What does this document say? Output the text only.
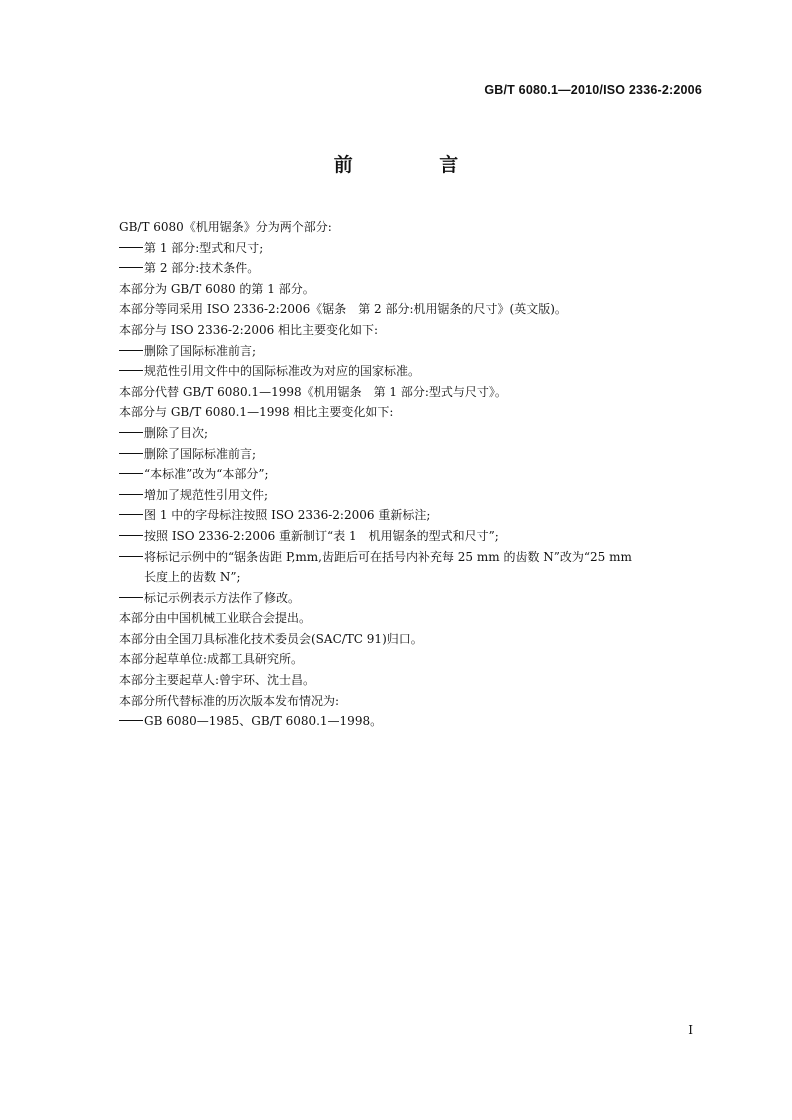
GB/T 6080.1—2010/ISO 2336-2:2006
前 言
GB/T 6080《机用锯条》分为两个部分:
第 1 部分:型式和尺寸;
第 2 部分:技术条件。
本部分为 GB/T 6080 的第 1 部分。
本部分等同采用 ISO 2336-2:2006《锯条　第 2 部分:机用锯条的尺寸》(英文版)。
本部分与 ISO 2336-2:2006 相比主要变化如下:
删除了国际标准前言;
规范性引用文件中的国际标准改为对应的国家标准。
本部分代替 GB/T 6080.1—1998《机用锯条　第 1 部分:型式与尺寸》。
本部分与 GB/T 6080.1—1998 相比主要变化如下:
删除了目次;
删除了国际标准前言;
“本标准”改为“本部分”;
增加了规范性引用文件;
图 1 中的字母标注按照 ISO 2336-2:2006 重新标注;
按照 ISO 2336-2:2006 重新制订“表 1　机用锯条的型式和尺寸”;
将标记示例中的“锯条齿距 P,mm,齿距后可在括号内补充每 25 mm 的齿数 N”改为“25 mm
长度上的齿数 N”;
标记示例表示方法作了修改。
本部分由中国机械工业联合会提出。
本部分由全国刀具标准化技术委员会(SAC/TC 91)归口。
本部分起草单位:成都工具研究所。
本部分主要起草人:曾宇环、沈士昌。
本部分所代替标准的历次版本发布情况为:
GB 6080—1985、GB/T 6080.1—1998。
I
